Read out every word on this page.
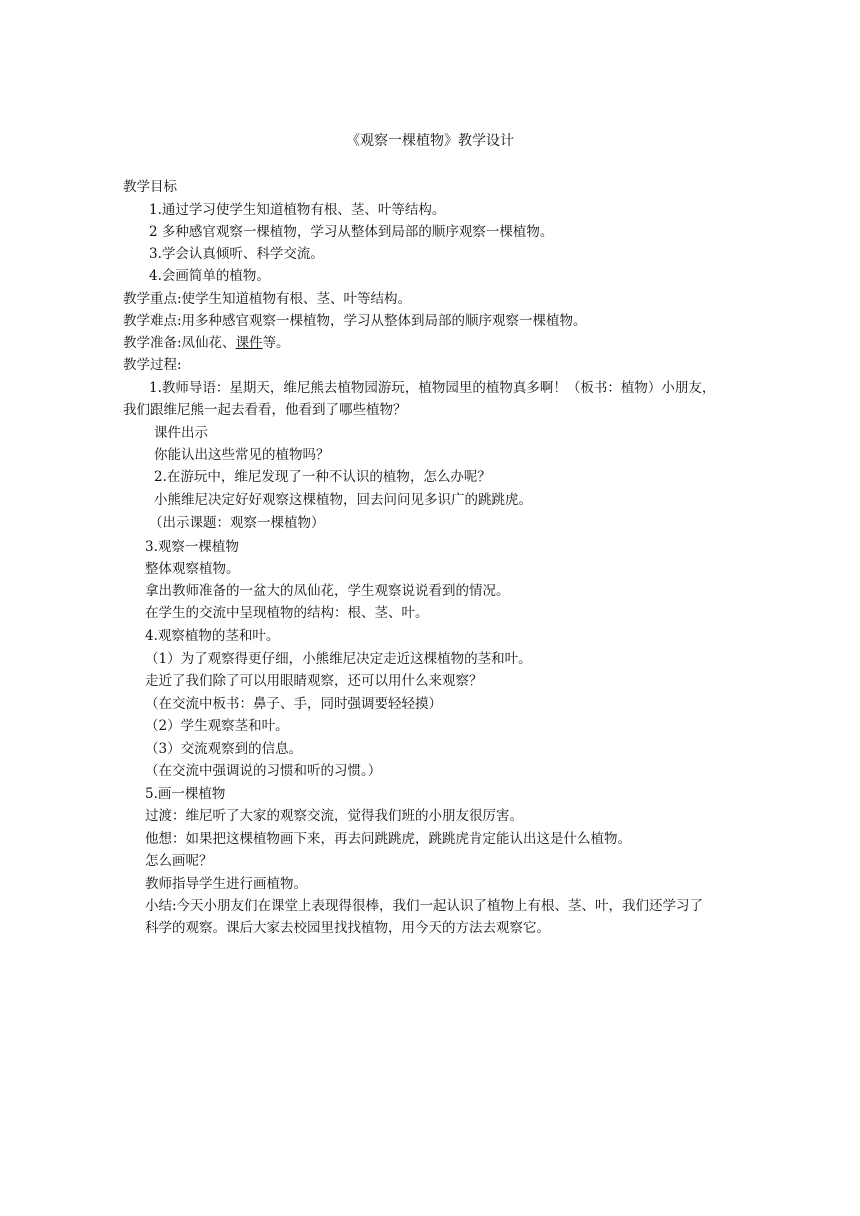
《观察一棵植物》教学设计
教学目标
1.通过学习使学生知道植物有根、茎、叶等结构。
2 多种感官观察一棵植物，学习从整体到局部的顺序观察一棵植物。
3.学会认真倾听、科学交流。
4.会画简单的植物。
教学重点:使学生知道植物有根、茎、叶等结构。
教学难点:用多种感官观察一棵植物，学习从整体到局部的顺序观察一棵植物。
教学准备:凤仙花、课件等。
教学过程:
1.教师导语：星期天，维尼熊去植物园游玩，植物园里的植物真多啊！（板书：植物）小朋友，
我们跟维尼熊一起去看看，他看到了哪些植物？
课件出示
你能认出这些常见的植物吗？
2.在游玩中，维尼发现了一种不认识的植物，怎么办呢？
小熊维尼决定好好观察这棵植物，回去问问见多识广的跳跳虎。
（出示课题：观察一棵植物）
3.观察一棵植物
整体观察植物。
拿出教师准备的一盆大的凤仙花，学生观察说说看到的情况。
在学生的交流中呈现植物的结构：根、茎、叶。
4.观察植物的茎和叶。
（1）为了观察得更仔细，小熊维尼决定走近这棵植物的茎和叶。
走近了我们除了可以用眼睛观察，还可以用什么来观察？
（在交流中板书：鼻子、手，同时强调要轻轻摸）
（2）学生观察茎和叶。
（3）交流观察到的信息。
（在交流中强调说的习惯和听的习惯。）
5.画一棵植物
过渡：维尼听了大家的观察交流，觉得我们班的小朋友很厉害。
他想：如果把这棵植物画下来，再去问跳跳虎，跳跳虎肯定能认出这是什么植物。
怎么画呢？
教师指导学生进行画植物。
小结:今天小朋友们在课堂上表现得很棒，我们一起认识了植物上有根、茎、叶，我们还学习了
科学的观察。课后大家去校园里找找植物，用今天的方法去观察它。
